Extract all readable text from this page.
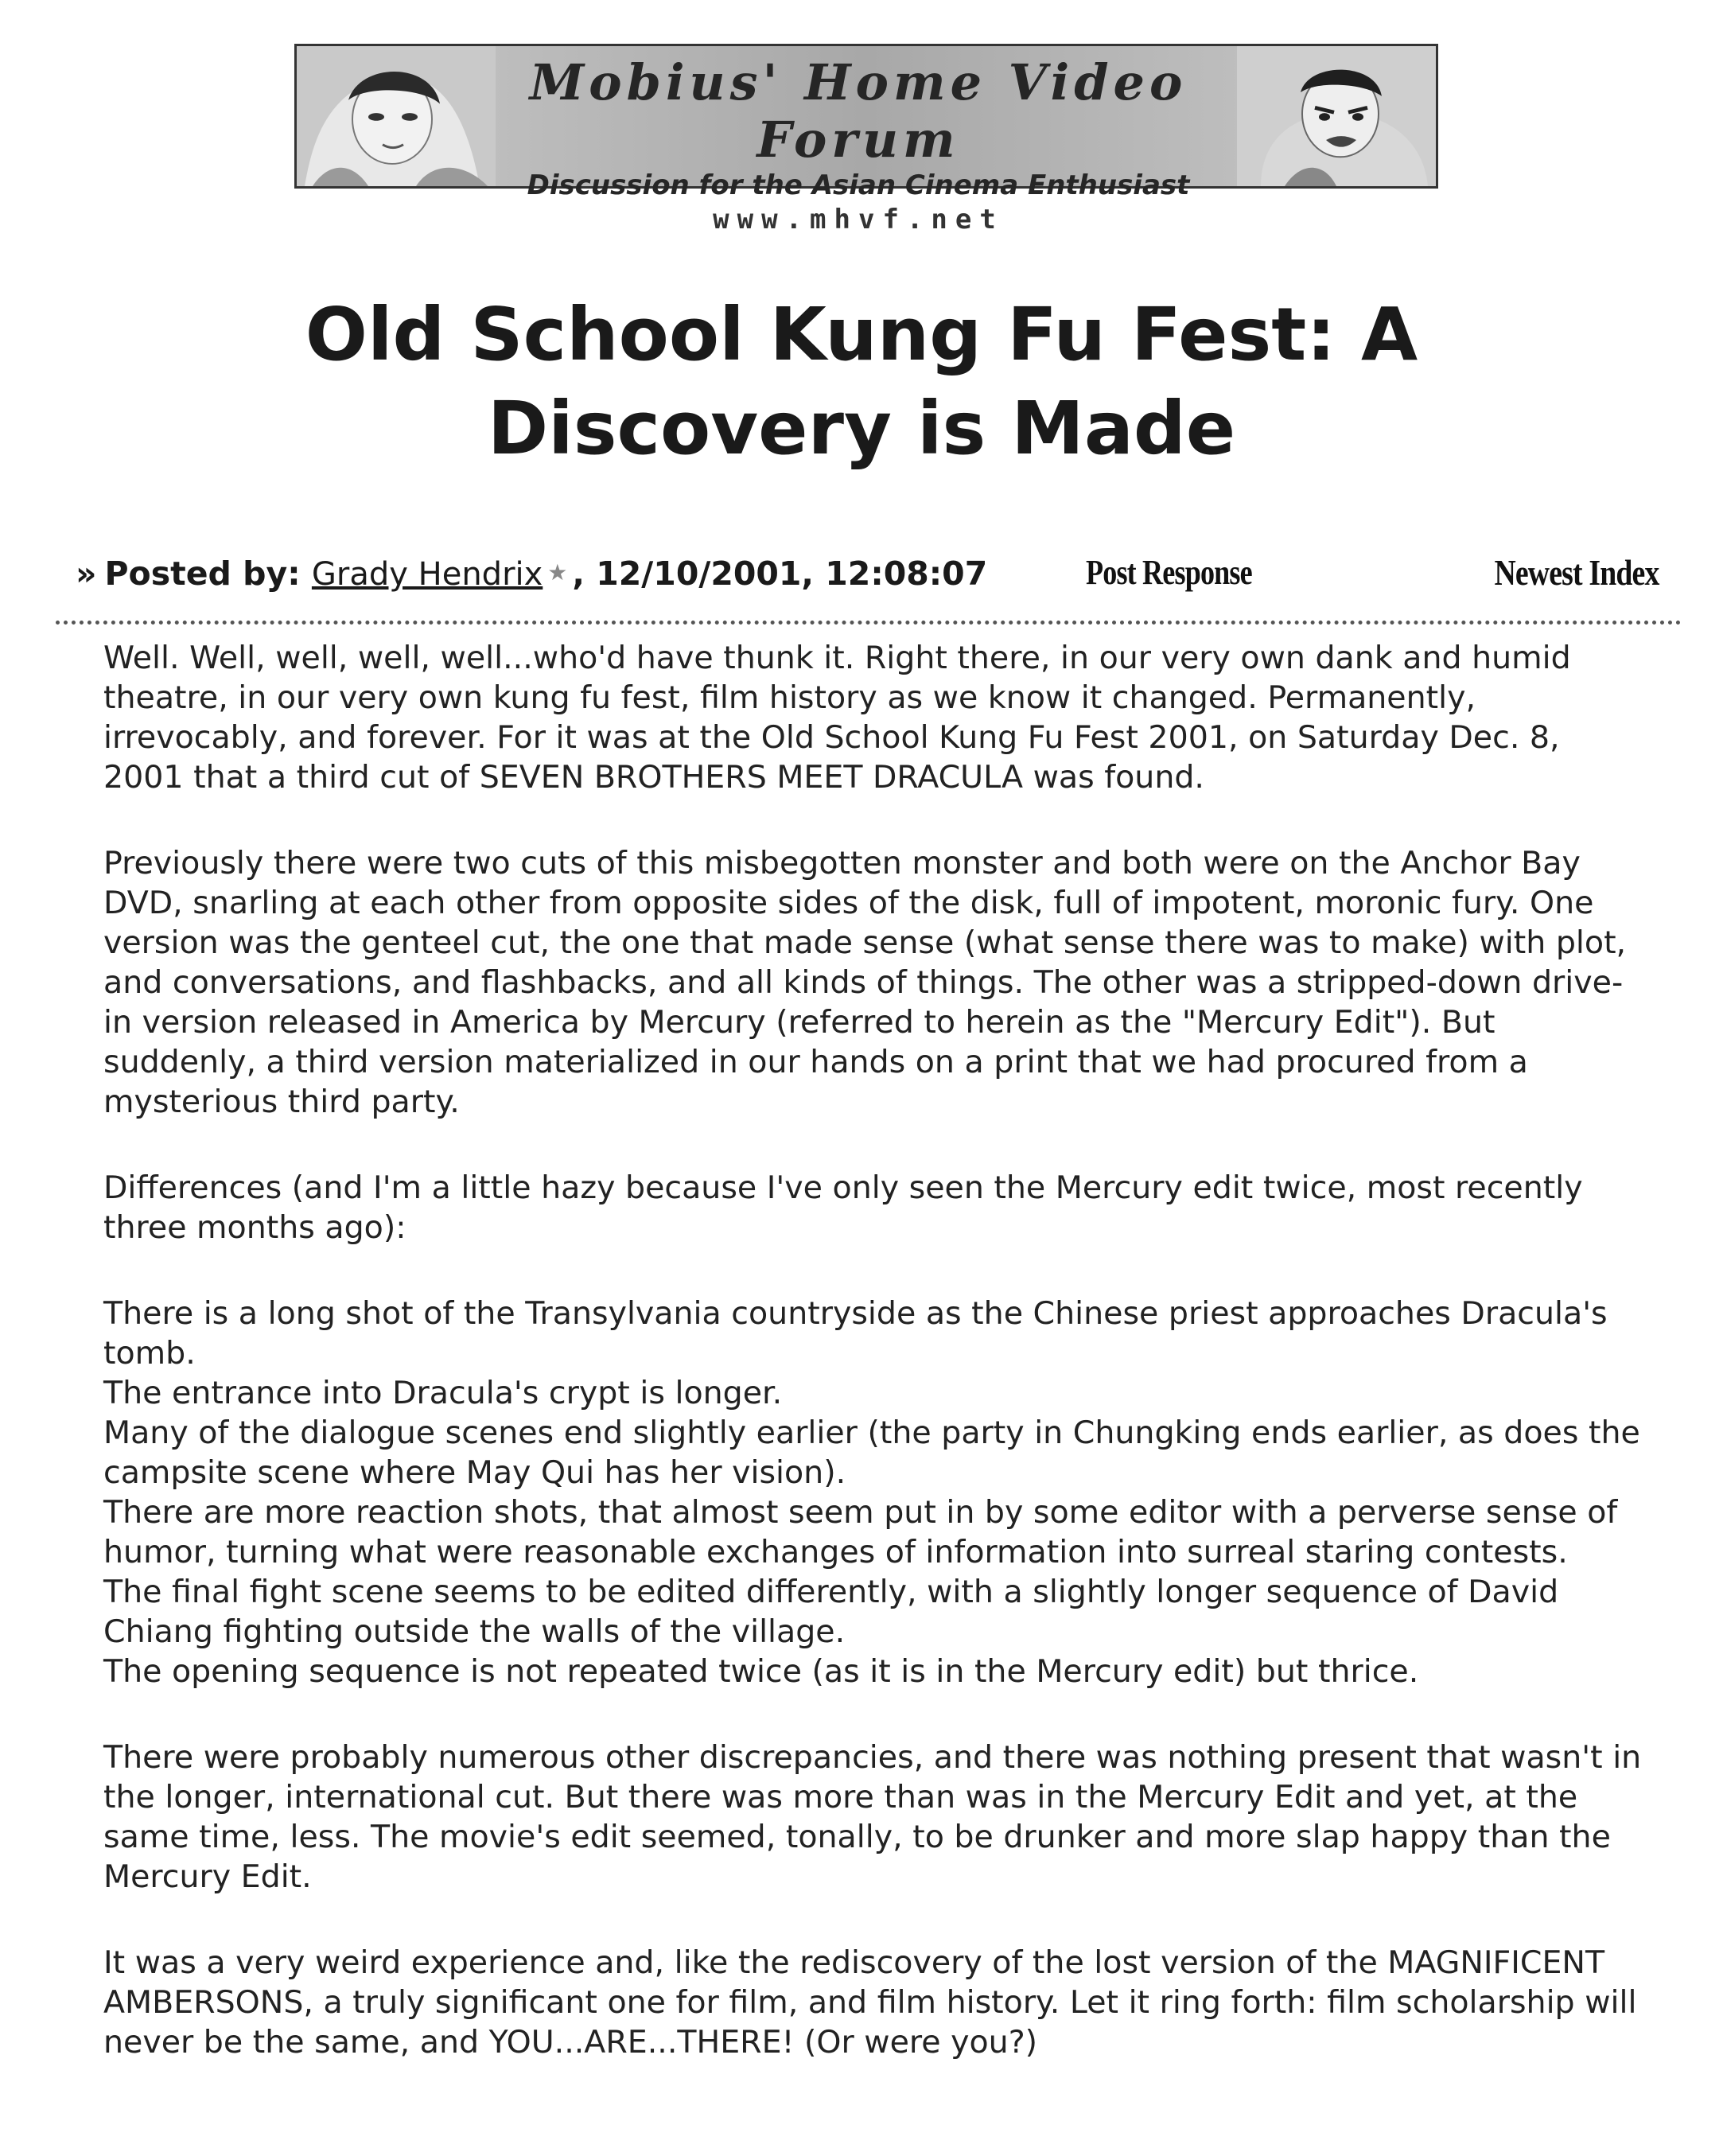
Mobius' Home Video Forum
Discussion for the Asian Cinema Enthusiast
www.mhvf.net
Old School Kung Fu Fest: A Discovery is Made
» Posted by: Grady Hendrix ★ , 12/10/2001, 12:08:07	Post Response	Newest Index

Well. Well, well, well, well...who'd have thunk it. Right there, in our very own dank and humid theatre, in our very own kung fu fest, film history as we know it changed. Permanently, irrevocably, and forever. For it was at the Old School Kung Fu Fest 2001, on Saturday Dec. 8, 2001 that a third cut of SEVEN BROTHERS MEET DRACULA was found.

Previously there were two cuts of this misbegotten monster and both were on the Anchor Bay DVD, snarling at each other from opposite sides of the disk, full of impotent, moronic fury. One version was the genteel cut, the one that made sense (what sense there was to make) with plot, and conversations, and flashbacks, and all kinds of things. The other was a stripped-down drive-in version released in America by Mercury (referred to herein as the "Mercury Edit"). But suddenly, a third version materialized in our hands on a print that we had procured from a mysterious third party.

Differences (and I'm a little hazy because I've only seen the Mercury edit twice, most recently three months ago):

There is a long shot of the Transylvania countryside as the Chinese priest approaches Dracula's tomb.
The entrance into Dracula's crypt is longer.
Many of the dialogue scenes end slightly earlier (the party in Chungking ends earlier, as does the campsite scene where May Qui has her vision).
There are more reaction shots, that almost seem put in by some editor with a perverse sense of humor, turning what were reasonable exchanges of information into surreal staring contests.
The final fight scene seems to be edited differently, with a slightly longer sequence of David Chiang fighting outside the walls of the village.
The opening sequence is not repeated twice (as it is in the Mercury edit) but thrice.

There were probably numerous other discrepancies, and there was nothing present that wasn't in the longer, international cut. But there was more than was in the Mercury Edit and yet, at the same time, less. The movie's edit seemed, tonally, to be drunker and more slap happy than the Mercury Edit.

It was a very weird experience and, like the rediscovery of the lost version of the MAGNIFICENT AMBERSONS, a truly significant one for film, and film history. Let it ring forth: film scholarship will never be the same, and YOU...ARE...THERE! (Or were you?)
